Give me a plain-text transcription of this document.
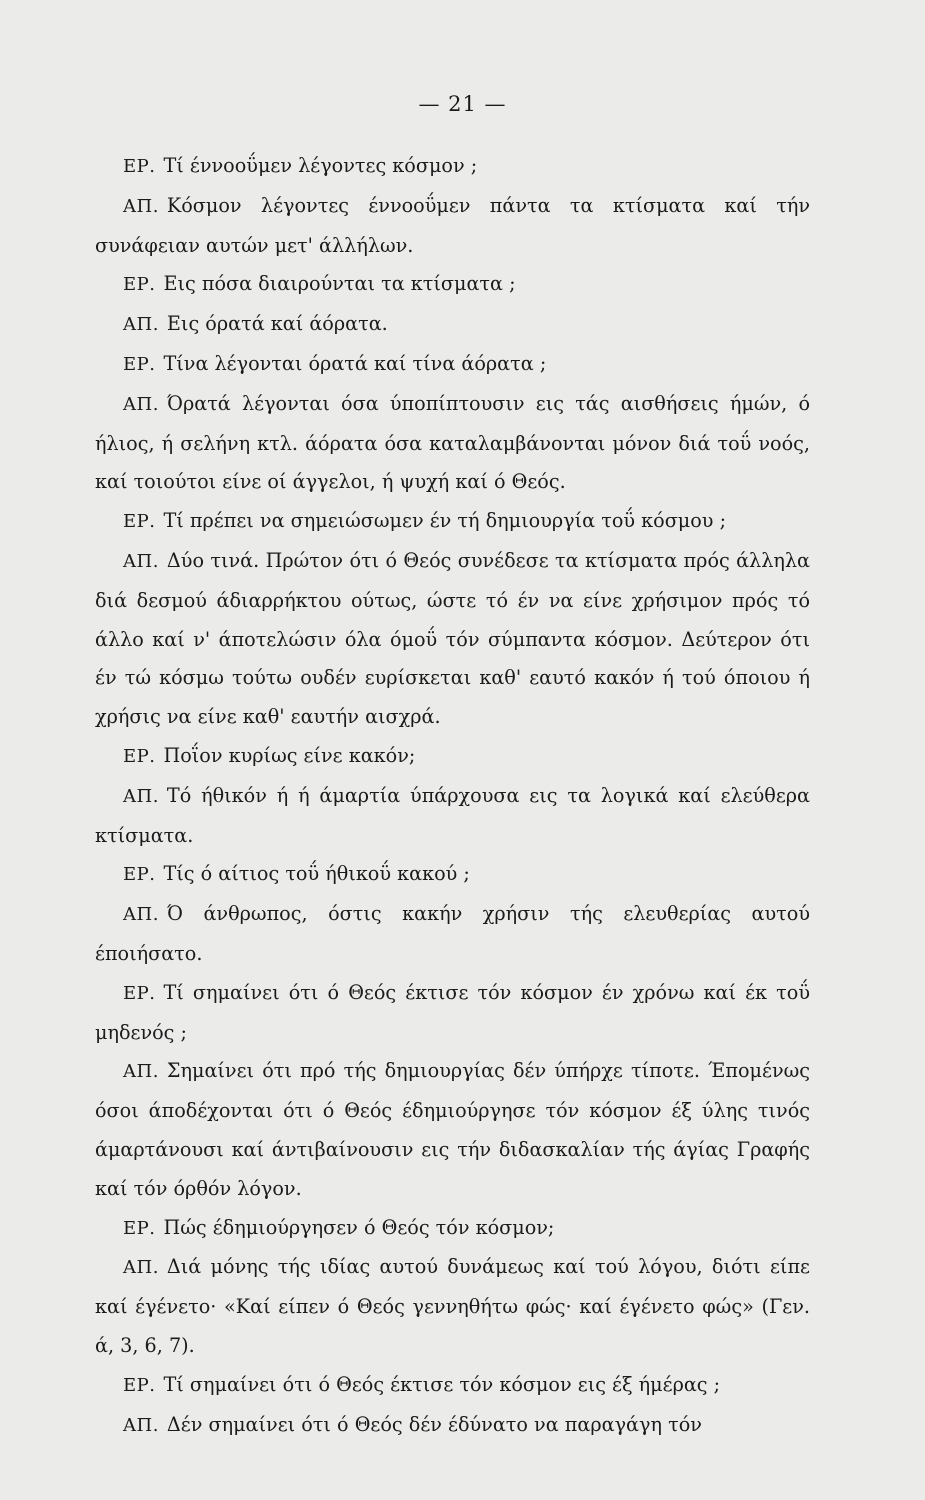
— 21 —

ΕΡ. Τί έννοοΰμεν λέγοντες κόσμον ;

ΑΠ. Κόσμον λέγοντες έννοοΰμεν πάντα τα κτίσματα καί τήν συνάφειαν αυτών μετ' άλλήλων.

ΕΡ. Εις πόσα διαιρούνται τα κτίσματα ;

ΑΠ. Εις όρατά καί άόρατα.

ΕΡ. Τίνα λέγονται όρατά καί τίνα άόρατα ;

ΑΠ. Όρατά λέγονται όσα ύποπίπτουσιν εις τάς αισθήσεις ήμών, ό ήλιος, ή σελήνη κτλ. άόρατα όσα καταλαμβάνονται μόνον διά τοΰ νοός, καί τοιούτοι είνε οί άγγελοι, ή ψυχή καί ό Θεός.

ΕΡ. Τί πρέπει να σημειώσωμεν έν τή δημιουργία τοΰ κόσμου ;

ΑΠ. Δύο τινά. Πρώτον ότι ό Θεός συνέδεσε τα κτίσματα πρός άλληλα διά δεσμού άδιαρρήκτου ούτως, ώστε τό έν να είνε χρήσιμον πρός τό άλλο καί ν' άποτελώσιν όλα όμοΰ τόν σύμπαντα κόσμον. Δεύτερον ότι έν τώ κόσμω τούτω ουδέν ευρίσκεται καθ' εαυτό κακόν ή τού όποιου ή χρήσις να είνε καθ' εαυτήν αισχρά.

ΕΡ. Ποΐον κυρίως είνε κακόν;

ΑΠ. Τό ήθικόν ή ή άμαρτία ύπάρχουσα εις τα λογικά καί ελεύθερα κτίσματα.

ΕΡ. Τίς ό αίτιος τοΰ ήθικοΰ κακού ;

ΑΠ. Ό άνθρωπος, όστις κακήν χρήσιν τής ελευθερίας αυτού έποιήσατο.

ΕΡ. Τί σημαίνει ότι ό Θεός έκτισε τόν κόσμον έν χρόνω καί έκ τοΰ μηδενός ;

ΑΠ. Σημαίνει ότι πρό τής δημιουργίας δέν ύπήρχε τίποτε. Έπομένως όσοι άποδέχονται ότι ό Θεός έδημιούργησε τόν κόσμον έξ ύλης τινός άμαρτάνουσι καί άντιβαίνουσιν εις τήν διδασκαλίαν τής άγίας Γραφής καί τόν όρθόν λόγον.

ΕΡ. Πώς έδημιούργησεν ό Θεός τόν κόσμον;

ΑΠ. Διά μόνης τής ιδίας αυτού δυνάμεως καί τού λόγου, διότι είπε καί έγένετο· «Καί είπεν ό Θεός γεννηθήτω φώς· καί έγένετο φώς» (Γεν. ά, 3, 6, 7).

ΕΡ. Τί σημαίνει ότι ό Θεός έκτισε τόν κόσμον εις έξ ήμέρας ;

ΑΠ. Δέν σημαίνει ότι ό Θεός δέν έδύνατο να παραγάγη τόν
